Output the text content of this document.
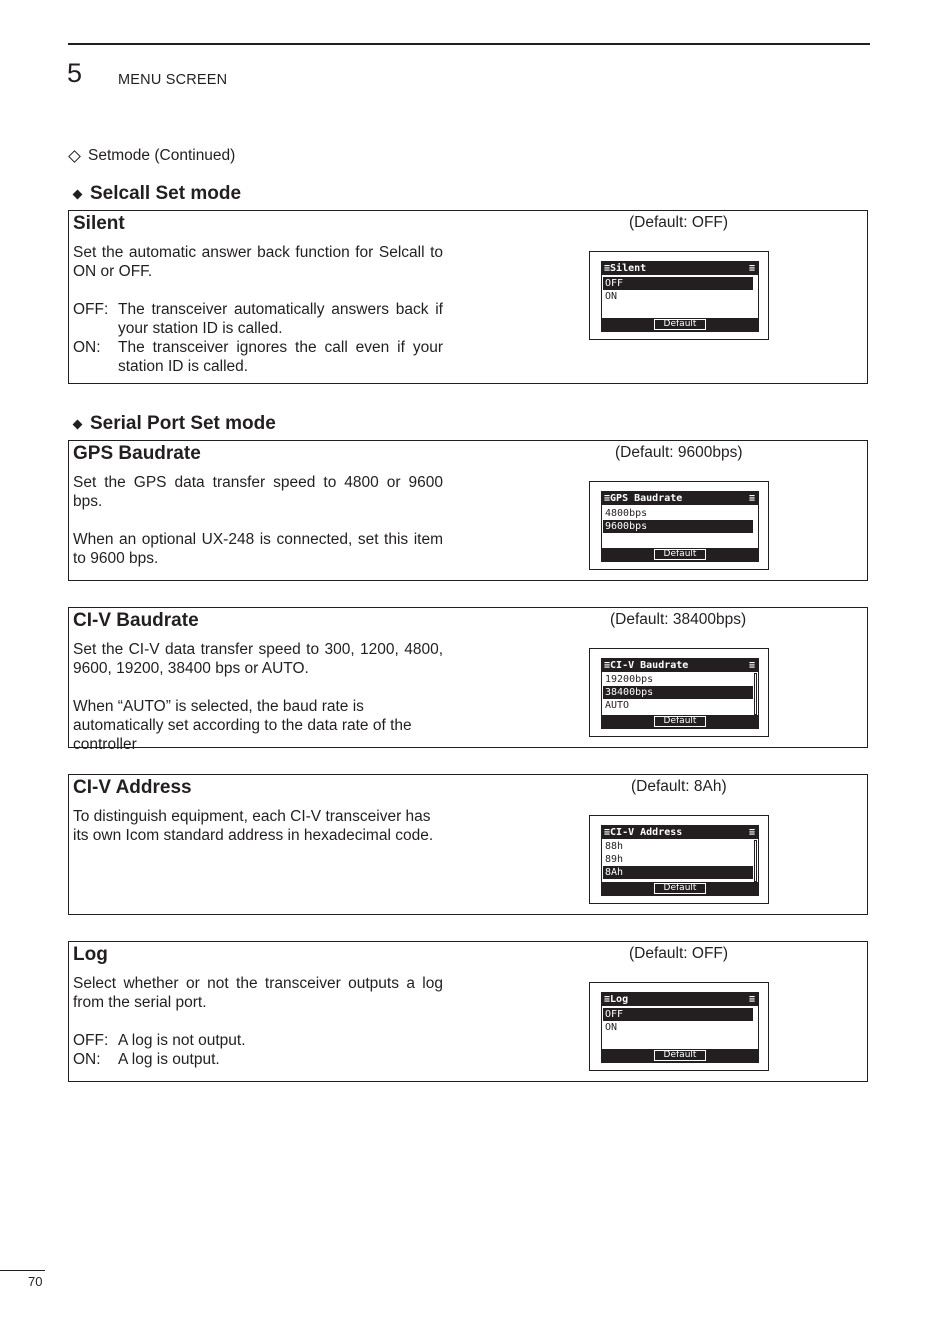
5 MENU SCREEN
Setmode (Continued)
Selcall Set mode
Silent	(Default: OFF)

Set the automatic answer back function for Selcall to ON or OFF.

OFF: The transceiver automatically answers back if your station ID is called.
ON:	The transceiver ignores the call even if your station ID is called.
≡Silent	≡
OFF
ON
Default
Serial Port Set mode
GPS Baudrate	(Default: 9600bps)

Set the GPS data transfer speed to 4800 or 9600 bps.

When an optional UX-248 is connected, set this item to 9600 bps.

≡GPS Baudrate	≡
4800bps
9600bps
Default
CI-V Baudrate	(Default: 38400bps)

Set the CI-V data transfer speed to 300, 1200, 4800, 9600, 19200, 38400 bps or AUTO.

When “AUTO” is selected, the baud rate is automatically set according to the data rate of the controller

≡CI-V Baudrate	≡
19200bps
38400bps
AUTO
Default
CI-V Address	(Default: 8Ah)

To distinguish equipment, each CI-V transceiver has its own Icom standard address in hexadecimal code.	≡CI-V Address	≡
88h
89h
8Ah
Default
Log	(Default: OFF)

Select whether or not the transceiver outputs a log from the serial port.

OFF: A log is not output.
ON:	A log is output.
≡Log	≡
OFF
ON
Default
70
